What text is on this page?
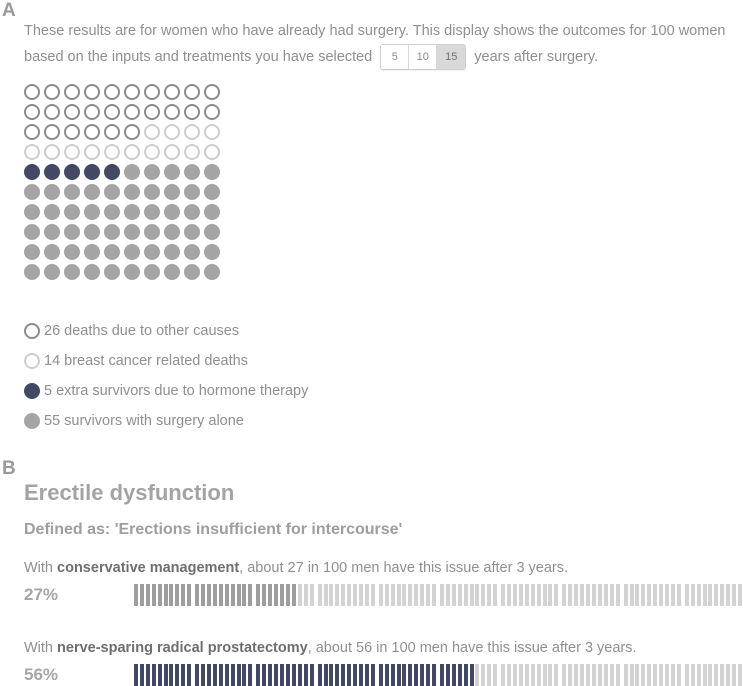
A
These results are for women who have already had surgery. This display shows the outcomes for 100 women based on the inputs and treatments you have selected	5	10	15	years after surgery.
26 deaths due to other causes
14 breast cancer related deaths
5 extra survivors due to hormone therapy
55 survivors with surgery alone
B
Erectile dysfunction
Defined as: 'Erections insufficient for intercourse'
With conservative management, about 27 in 100 men have this issue after 3 years.
27%
With nerve-sparing radical prostatectomy, about 56 in 100 men have this issue after 3 years.
56%
